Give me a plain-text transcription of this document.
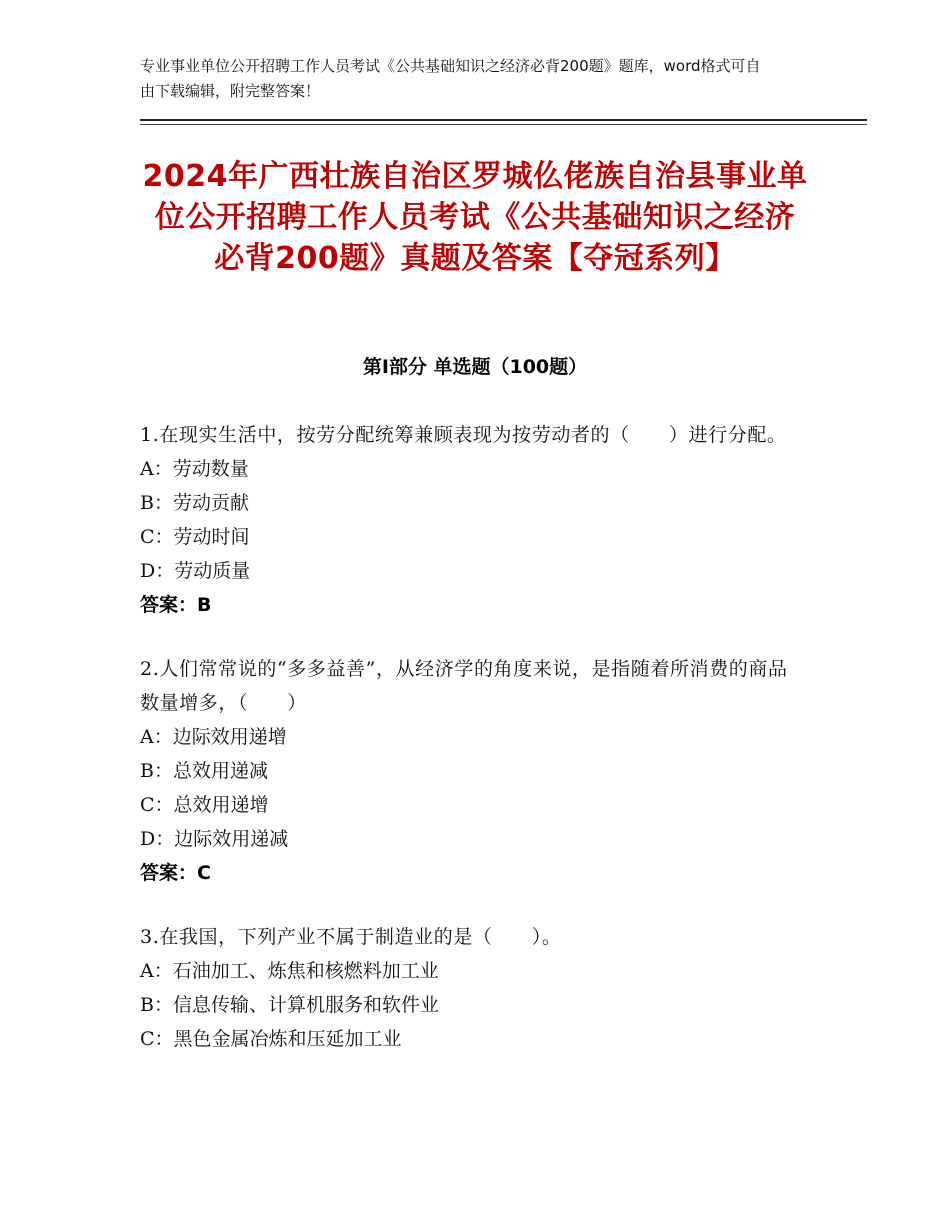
专业事业单位公开招聘工作人员考试《公共基础知识之经济必背200题》题库，word格式可自由下载编辑，附完整答案！
2024年广西壮族自治区罗城仫佬族自治县事业单位公开招聘工作人员考试《公共基础知识之经济必背200题》真题及答案【夺冠系列】
第Ⅰ部分 单选题（100题）
1.在现实生活中，按劳分配统筹兼顾表现为按劳动者的（　　）进行分配。
A：劳动数量
B：劳动贡献
C：劳动时间
D：劳动质量
答案：B
2.人们常常说的“多多益善”，从经济学的角度来说，是指随着所消费的商品数量增多，（　　）
A：边际效用递增
B：总效用递减
C：总效用递增
D：边际效用递减
答案：C
3.在我国，下列产业不属于制造业的是（　　）。
A：石油加工、炼焦和核燃料加工业
B：信息传输、计算机服务和软件业
C：黑色金属冶炼和压延加工业
